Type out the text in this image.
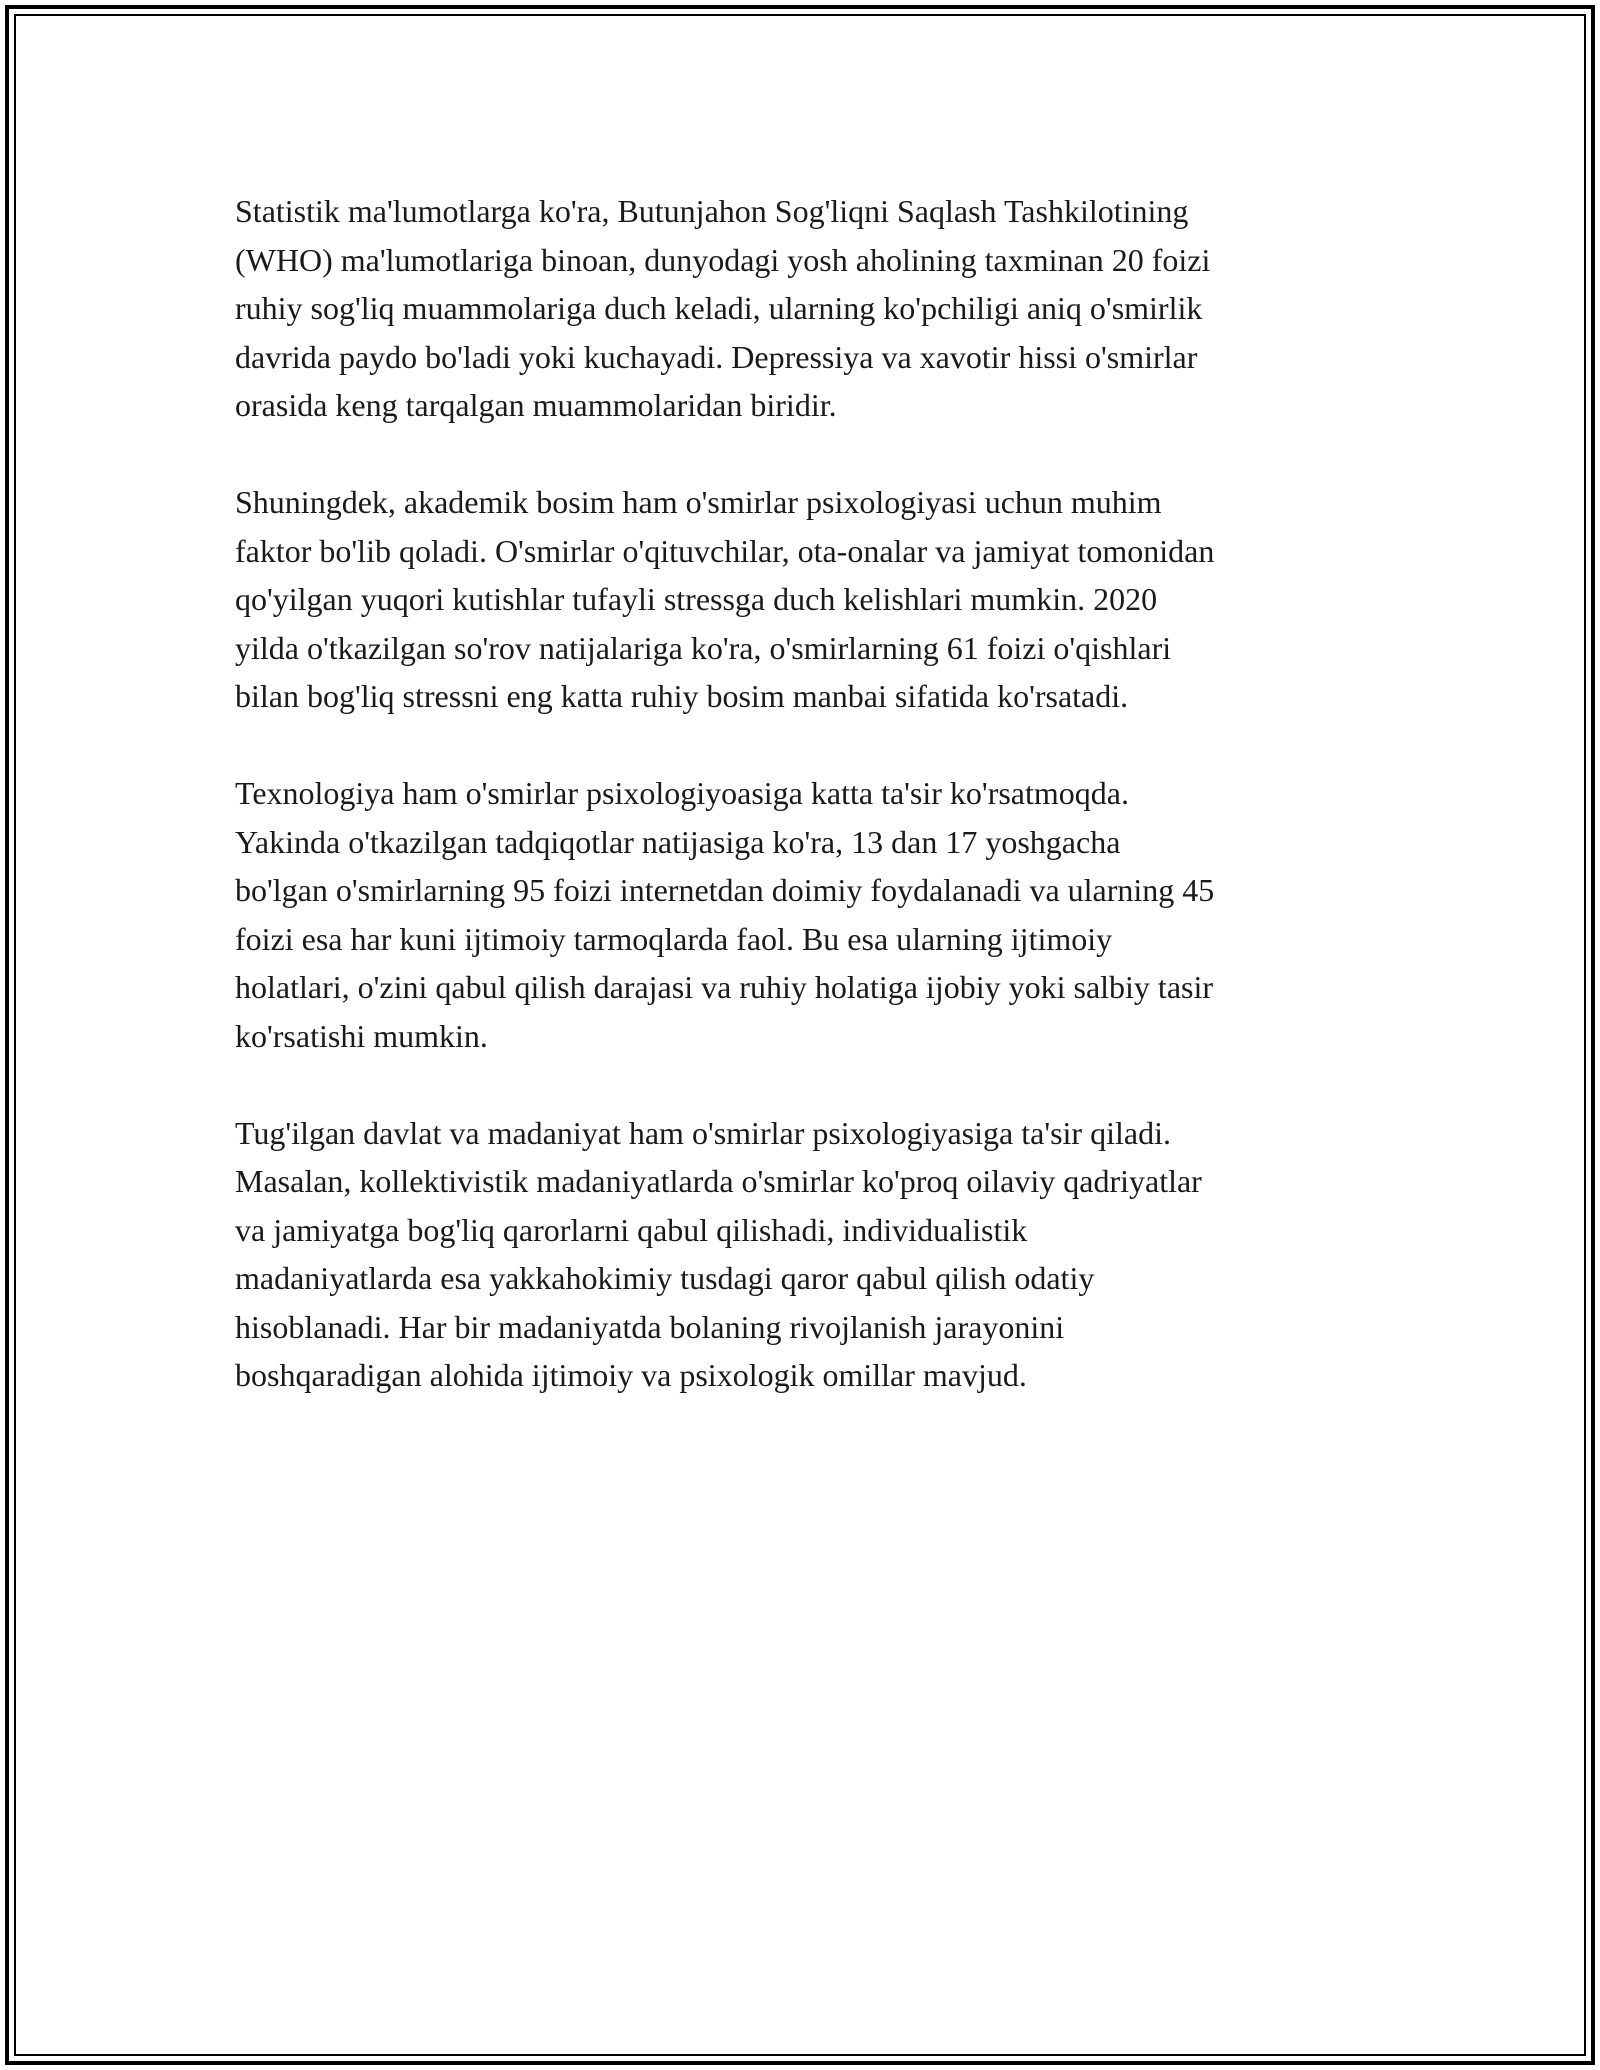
Statistik ma'lumotlarga ko'ra, Butunjahon Sog'liqni Saqlash Tashkilotining
(WHO) ma'lumotlariga binoan, dunyodagi yosh aholining taxminan 20 foizi
ruhiy sog'liq muammolariga duch keladi, ularning ko'pchiligi aniq o'smirlik
davrida paydo bo'ladi yoki kuchayadi. Depressiya va xavotir hissi o'smirlar
orasida keng tarqalgan muammolaridan biridir.

Shuningdek, akademik bosim ham o'smirlar psixologiyasi uchun muhim
faktor bo'lib qoladi. O'smirlar o'qituvchilar, ota-onalar va jamiyat tomonidan
qo'yilgan yuqori kutishlar tufayli stressga duch kelishlari mumkin. 2020
yilda o'tkazilgan so'rov natijalariga ko'ra, o'smirlarning 61 foizi o'qishlari
bilan bog'liq stressni eng katta ruhiy bosim manbai sifatida ko'rsatadi.

Texnologiya ham o'smirlar psixologiyoasiga katta ta'sir ko'rsatmoqda.
Yakinda o'tkazilgan tadqiqotlar natijasiga ko'ra, 13 dan 17 yoshgacha
bo'lgan o'smirlarning 95 foizi internetdan doimiy foydalanadi va ularning 45
foizi esa har kuni ijtimoiy tarmoqlarda faol. Bu esa ularning ijtimoiy
holatlari, o'zini qabul qilish darajasi va ruhiy holatiga ijobiy yoki salbiy tasir
ko'rsatishi mumkin.

Tug'ilgan davlat va madaniyat ham o'smirlar psixologiyasiga ta'sir qiladi.
Masalan, kollektivistik madaniyatlarda o'smirlar ko'proq oilaviy qadriyatlar
va jamiyatga bog'liq qarorlarni qabul qilishadi, individualistik
madaniyatlarda esa yakkahokimiy tusdagi qaror qabul qilish odatiy
hisoblanadi. Har bir madaniyatda bolaning rivojlanish jarayonini
boshqaradigan alohida ijtimoiy va psixologik omillar mavjud.
